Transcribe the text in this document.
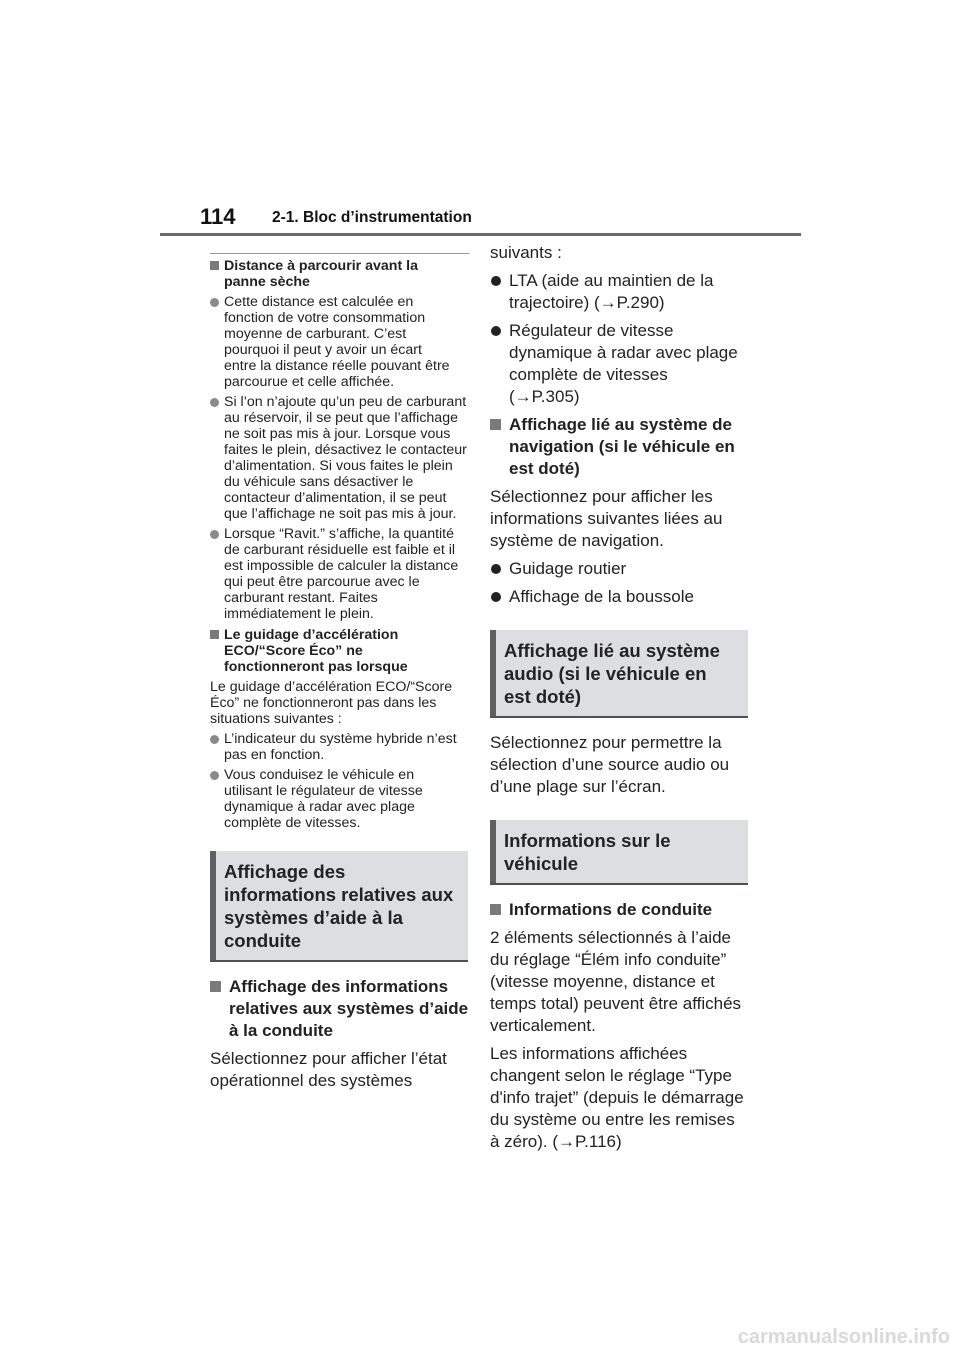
114 2-1. Bloc d’instrumentation
Distance à parcourir avant la panne sèche
Cette distance est calculée en fonction de votre consommation moyenne de carburant. C’est pourquoi il peut y avoir un écart entre la distance réelle pouvant être parcourue et celle affichée.
Si l’on n’ajoute qu’un peu de carburant au réservoir, il se peut que l’affichage ne soit pas mis à jour. Lorsque vous faites le plein, désactivez le contacteur d’alimentation. Si vous faites le plein du véhicule sans désactiver le contacteur d’alimentation, il se peut que l’affichage ne soit pas mis à jour.
Lorsque “Ravit.” s’affiche, la quantité de carburant résiduelle est faible et il est impossible de calculer la distance qui peut être parcourue avec le carburant restant. Faites immédiatement le plein.
Le guidage d’accélération ECO/“Score Éco” ne fonctionneront pas lorsque
Le guidage d’accélération ECO/“Score Éco” ne fonctionneront pas dans les situations suivantes :
L’indicateur du système hybride n’est pas en fonction.
Vous conduisez le véhicule en utilisant le régulateur de vitesse dynamique à radar avec plage complète de vitesses.
Affichage des informations relatives aux systèmes d’aide à la conduite
Affichage des informations relatives aux systèmes d’aide à la conduite
Sélectionnez pour afficher l’état opérationnel des systèmes
suivants :
LTA (aide au maintien de la trajectoire) (→P.290)
Régulateur de vitesse dynamique à radar avec plage complète de vitesses (→P.305)
Affichage lié au système de navigation (si le véhicule en est doté)
Sélectionnez pour afficher les informations suivantes liées au système de navigation.
Guidage routier
Affichage de la boussole
Affichage lié au système audio (si le véhicule en est doté)
Sélectionnez pour permettre la sélection d’une source audio ou d’une plage sur l’écran.
Informations sur le véhicule
Informations de conduite
2 éléments sélectionnés à l’aide du réglage “Élém info conduite” (vitesse moyenne, distance et temps total) peuvent être affichés verticalement.
Les informations affichées changent selon le réglage “Type d'info trajet” (depuis le démarrage du système ou entre les remises à zéro). (→P.116)
carmanualsonline.info
